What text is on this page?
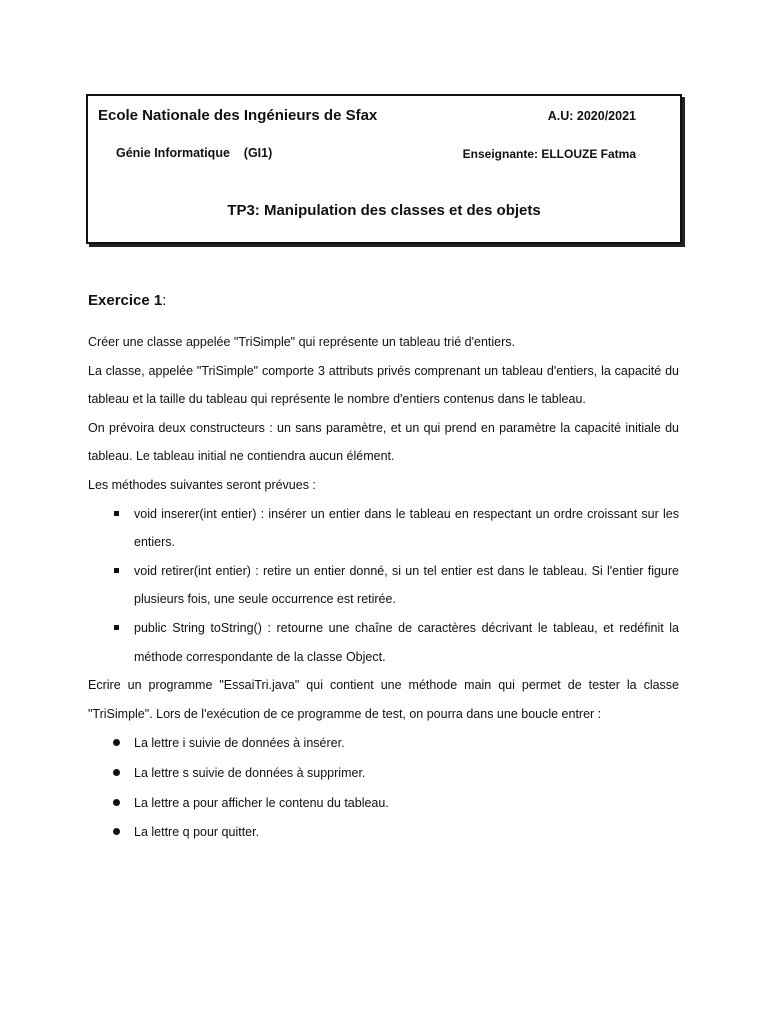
Ecole Nationale des Ingénieurs de Sfax	A.U: 2020/2021
Génie Informatique    (GI1)	Enseignante: ELLOUZE Fatma
TP3: Manipulation des classes et des objets
Exercice 1:

Créer une classe appelée "TriSimple" qui représente un tableau trié d'entiers.

La classe, appelée "TriSimple" comporte 3 attributs privés comprenant un tableau d'entiers, la capacité du tableau et la taille du tableau qui représente le nombre d'entiers contenus dans le tableau.

On prévoira deux constructeurs : un sans paramètre, et un qui prend en paramètre la capacité initiale du tableau. Le tableau initial ne contiendra aucun élément.

Les méthodes suivantes seront prévues :

void inserer(int entier) : insérer un entier dans le tableau en respectant un ordre croissant sur les entiers.
void retirer(int entier) : retire un entier donné, si un tel entier est dans le tableau. Si l'entier figure plusieurs fois, une seule occurrence est retirée.
public String toString() : retourne une chaîne de caractères décrivant le tableau, et redéfinit la méthode correspondante de la classe Object.

Ecrire un programme "EssaiTri.java" qui contient une méthode main qui permet de tester la classe "TriSimple". Lors de l'exécution de ce programme de test, on pourra dans une boucle entrer :

La lettre i suivie de données à insérer.
La lettre s suivie de données à supprimer.
La lettre a pour afficher le contenu du tableau.
La lettre q pour quitter.
